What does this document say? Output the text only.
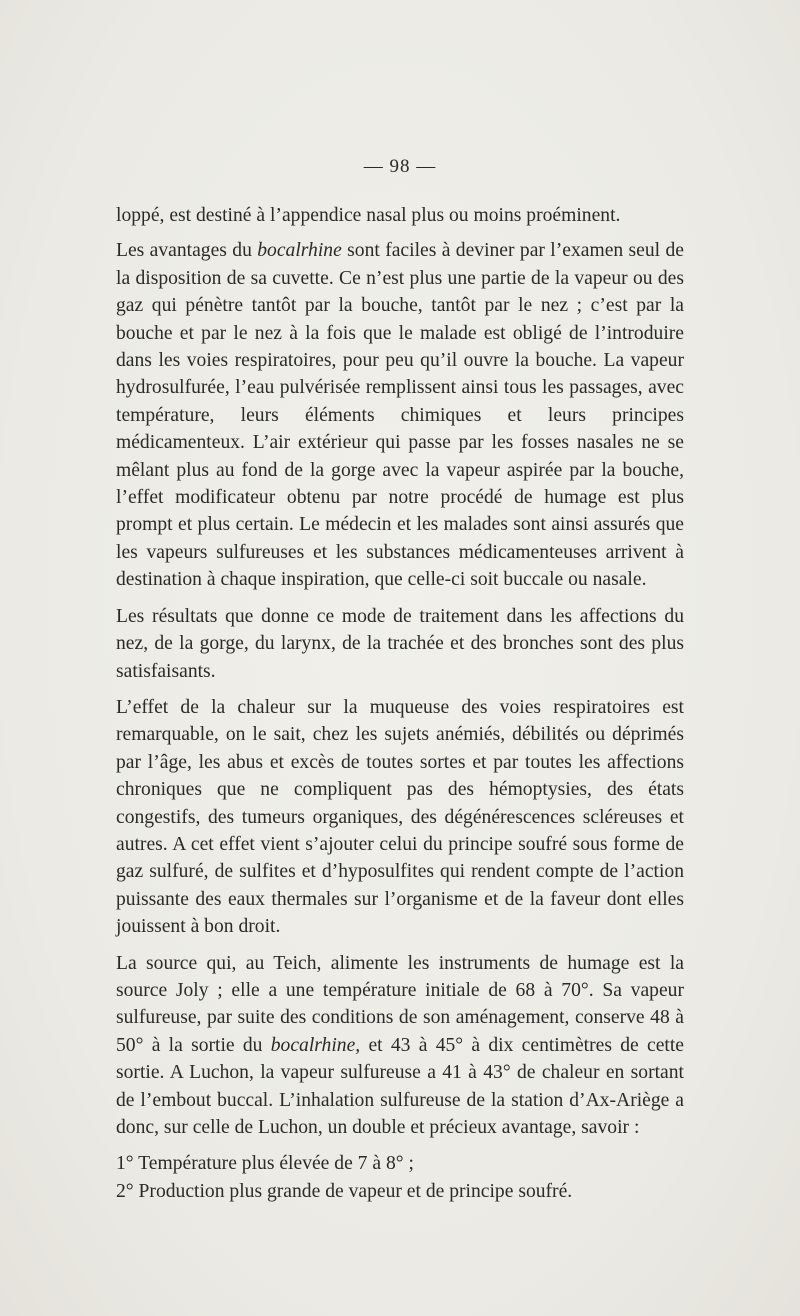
— 98 —

loppé, est destiné à l’appendice nasal plus ou moins proéminent.

Les avantages du bocalrhine sont faciles à deviner par l’examen seul de la disposition de sa cuvette. Ce n’est plus une partie de la vapeur ou des gaz qui pénètre tantôt par la bouche, tantôt par le nez ; c’est par la bouche et par le nez à la fois que le malade est obligé de l’introduire dans les voies respiratoires, pour peu qu’il ouvre la bouche. La vapeur hydrosulfurée, l’eau pulvérisée remplissent ainsi tous les passages, avec température, leurs éléments chimiques et leurs principes médicamenteux. L’air extérieur qui passe par les fosses nasales ne se mêlant plus au fond de la gorge avec la vapeur aspirée par la bouche, l’effet modificateur obtenu par notre procédé de humage est plus prompt et plus certain. Le médecin et les malades sont ainsi assurés que les vapeurs sulfureuses et les substances médicamenteuses arrivent à destination à chaque inspiration, que celle-ci soit buccale ou nasale.

Les résultats que donne ce mode de traitement dans les affections du nez, de la gorge, du larynx, de la trachée et des bronches sont des plus satisfaisants.

L’effet de la chaleur sur la muqueuse des voies respiratoires est remarquable, on le sait, chez les sujets anémiés, débilités ou déprimés par l’âge, les abus et excès de toutes sortes et par toutes les affections chroniques que ne compliquent pas des hémoptysies, des états congestifs, des tumeurs organiques, des dégénérescences scléreuses et autres. A cet effet vient s’ajouter celui du principe soufré sous forme de gaz sulfuré, de sulfites et d’hyposulfites qui rendent compte de l’action puissante des eaux thermales sur l’organisme et de la faveur dont elles jouissent à bon droit.

La source qui, au Teich, alimente les instruments de humage est la source Joly ; elle a une température initiale de 68 à 70°. Sa vapeur sulfureuse, par suite des conditions de son aménagement, conserve 48 à 50° à la sortie du bocalrhine, et 43 à 45° à dix centimètres de cette sortie. A Luchon, la vapeur sulfureuse a 41 à 43° de chaleur en sortant de l’embout buccal. L’inhalation sulfureuse de la station d’Ax-Ariège a donc, sur celle de Luchon, un double et précieux avantage, savoir :

1° Température plus élevée de 7 à 8° ;

2° Production plus grande de vapeur et de principe soufré.
